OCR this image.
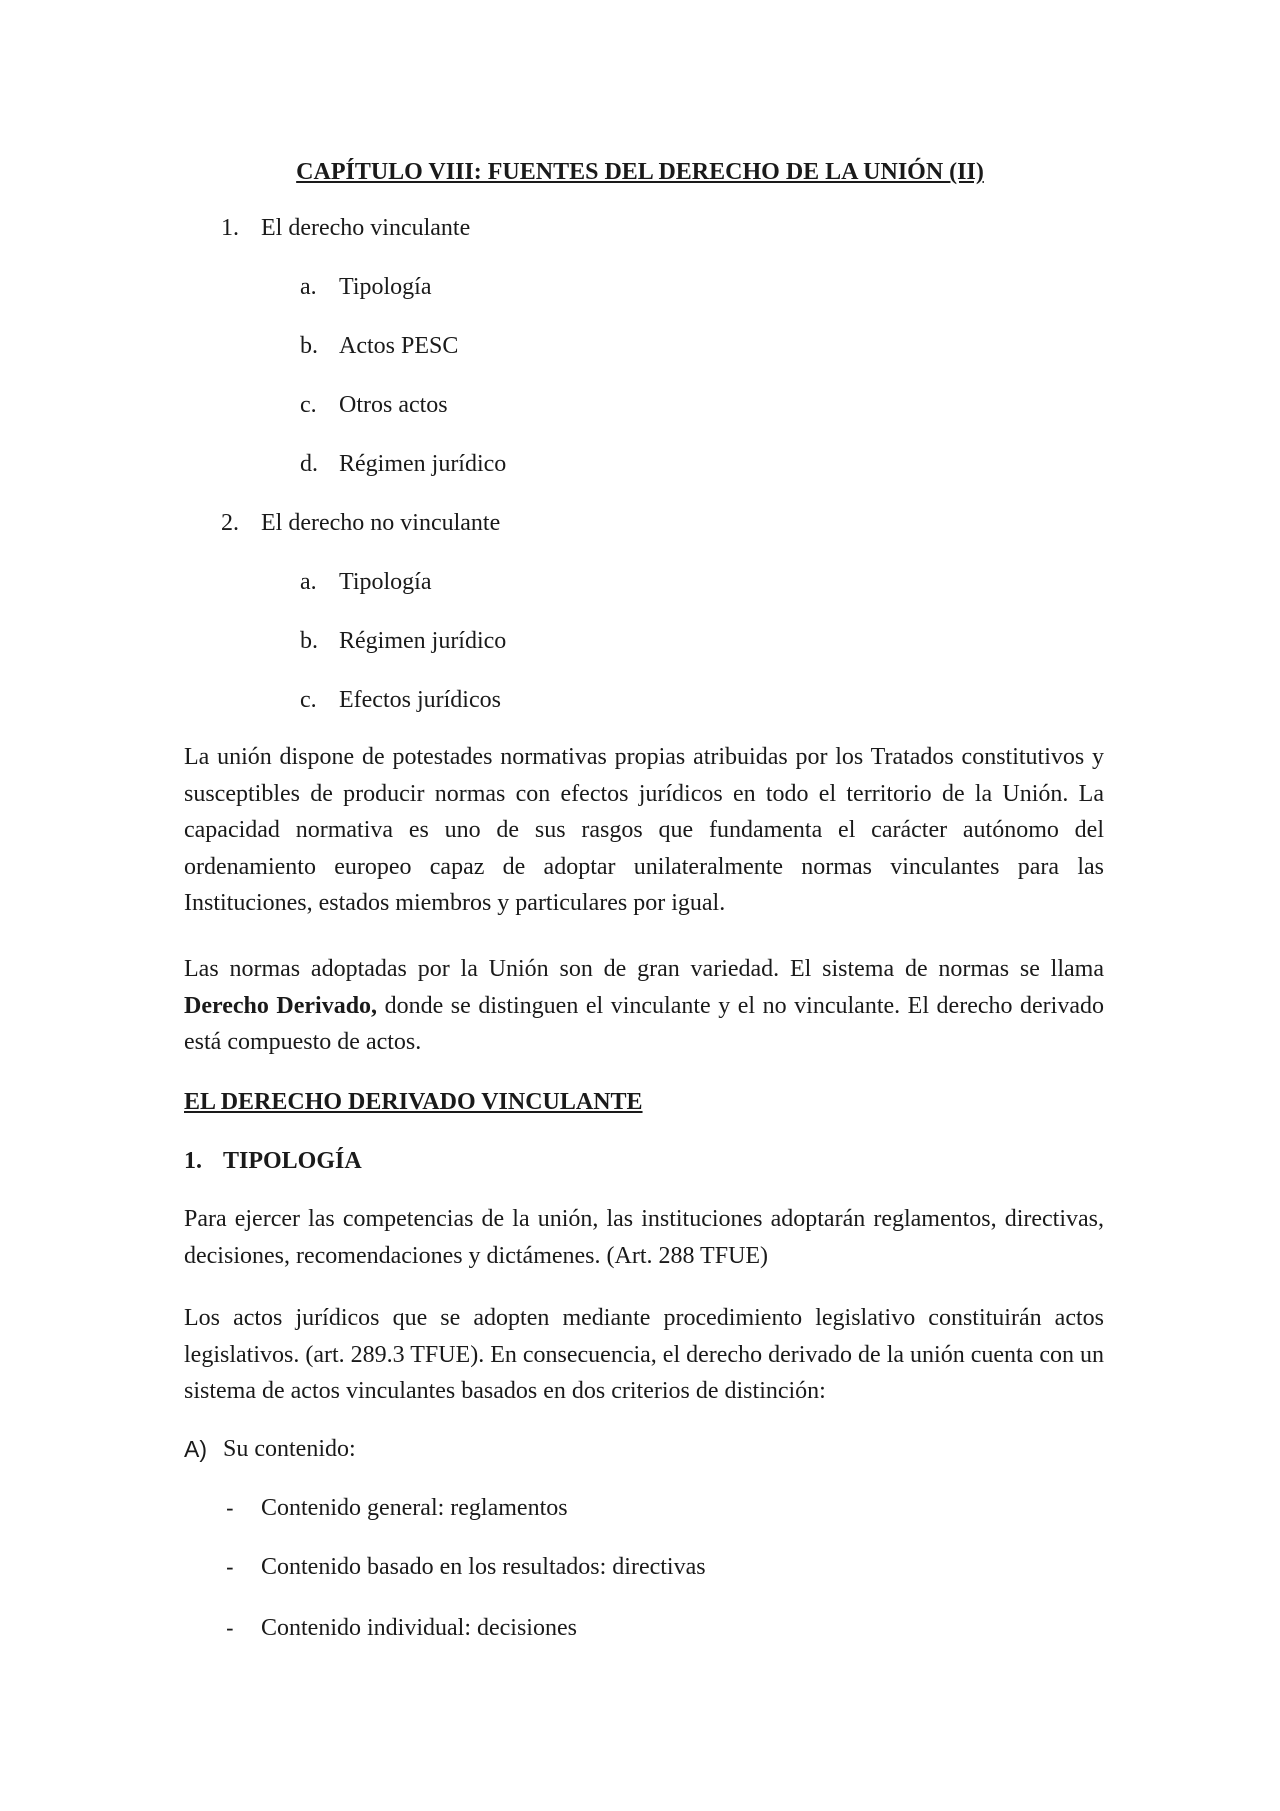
CAPÍTULO VIII: FUENTES DEL DERECHO DE LA UNIÓN (II)
1. El derecho vinculante
a. Tipología
b. Actos PESC
c. Otros actos
d. Régimen jurídico
2. El derecho no vinculante
a. Tipología
b. Régimen jurídico
c. Efectos jurídicos
La unión dispone de potestades normativas propias atribuidas por los Tratados constitutivos y susceptibles de producir normas con efectos jurídicos en todo el territorio de la Unión. La capacidad normativa es uno de sus rasgos que fundamenta el carácter autónomo del ordenamiento europeo capaz de adoptar unilateralmente normas vinculantes para las Instituciones, estados miembros y particulares por igual.
Las normas adoptadas por la Unión son de gran variedad. El sistema de normas se llama Derecho Derivado, donde se distinguen el vinculante y el no vinculante. El derecho derivado está compuesto de actos.
EL DERECHO DERIVADO VINCULANTE
1. TIPOLOGÍA
Para ejercer las competencias de la unión, las instituciones adoptarán reglamentos, directivas, decisiones, recomendaciones y dictámenes. (Art. 288 TFUE)
Los actos jurídicos que se adopten mediante procedimiento legislativo constituirán actos legislativos. (art. 289.3 TFUE). En consecuencia, el derecho derivado de la unión cuenta con un sistema de actos vinculantes basados en dos criterios de distinción:
A) Su contenido:
- Contenido general: reglamentos
- Contenido basado en los resultados: directivas
- Contenido individual: decisiones
